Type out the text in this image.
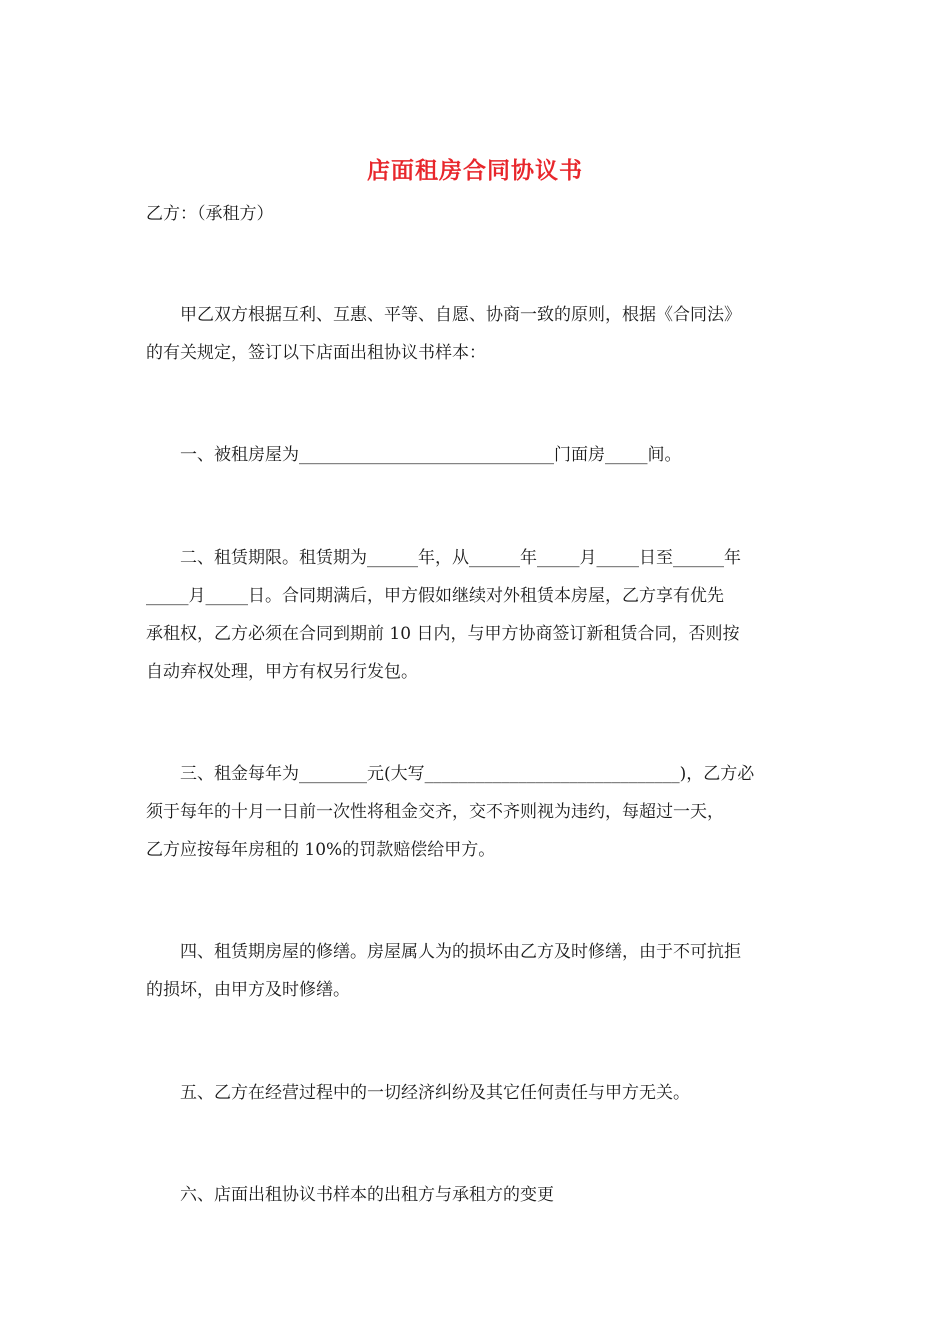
店面租房合同协议书
乙方：（承租方）
甲乙双方根据互利、互惠、平等、自愿、协商一致的原则，根据《合同法》
的有关规定，签订以下店面出租协议书样本：
一、被租房屋为______________________________门面房_____间。
二、租赁期限。租赁期为______年，从______年_____月_____日至______年
_____月_____日。合同期满后，甲方假如继续对外租赁本房屋，乙方享有优先
承租权，乙方必须在合同到期前 10 日内，与甲方协商签订新租赁合同，否则按
自动弃权处理，甲方有权另行发包。
三、租金每年为________元(大写______________________________)，乙方必
须于每年的十月一日前一次性将租金交齐，交不齐则视为违约，每超过一天，
乙方应按每年房租的 10%的罚款赔偿给甲方。
四、租赁期房屋的修缮。房屋属人为的损坏由乙方及时修缮，由于不可抗拒
的损坏，由甲方及时修缮。
五、乙方在经营过程中的一切经济纠纷及其它任何责任与甲方无关。
六、店面出租协议书样本的出租方与承租方的变更
